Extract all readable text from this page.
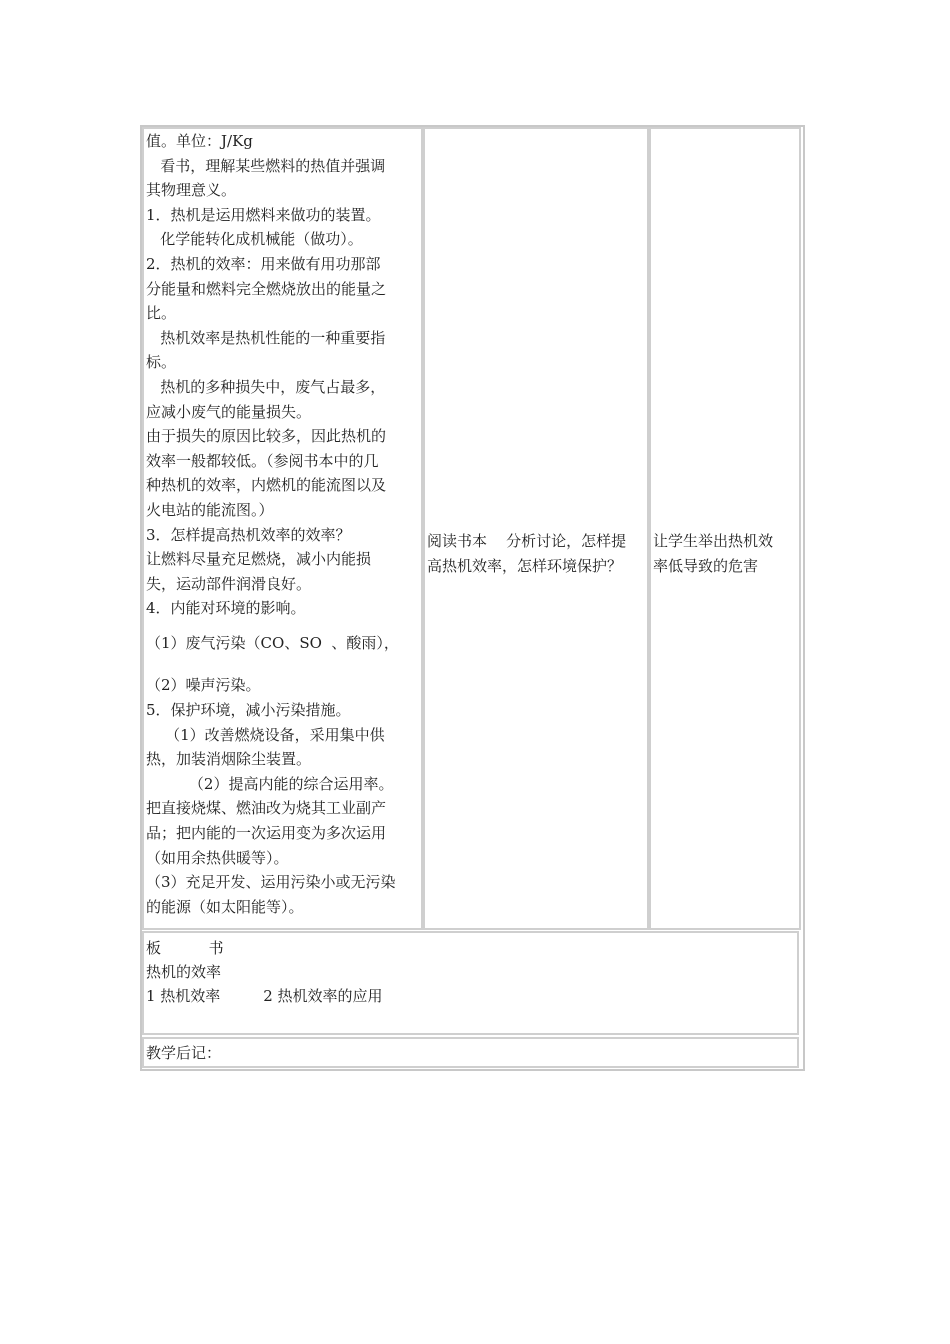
值。单位：J/Kg
看书，理解某些燃料的热值并强调
其物理意义。
1．热机是运用燃料来做功的装置。
化学能转化成机械能（做功）。
2．热机的效率：用来做有用功那部
分能量和燃料完全燃烧放出的能量之
比。
热机效率是热机性能的一种重要指
标。
热机的多种损失中，废气占最多，
应减小废气的能量损失。
由于损失的原因比较多，因此热机的
效率一般都较低。（参阅书本中的几
种热机的效率，内燃机的能流图以及
火电站的能流图。）
3．怎样提高热机效率的效率？
让燃料尽量充足燃烧，减小内能损
失，运动部件润滑良好。
4．内能对环境的影响。
（1）废气污染（CO、SO  、酸雨），
（2）噪声污染。
5．保护环境，减小污染措施。
（1）改善燃烧设备，采用集中供
热，加装消烟除尘装置。
（2）提高内能的综合运用率。
把直接烧煤、燃油改为烧其工业副产
品；把内能的一次运用变为多次运用
（如用余热供暖等）。
（3）充足开发、运用污染小或无污染
的能源（如太阳能等）。
阅读书本    分析讨论，怎样提
高热机效率，怎样环境保护？
让学生举出热机效
率低导致的危害
板          书
热机的效率
1 热机效率         2 热机效率的应用
教学后记：
